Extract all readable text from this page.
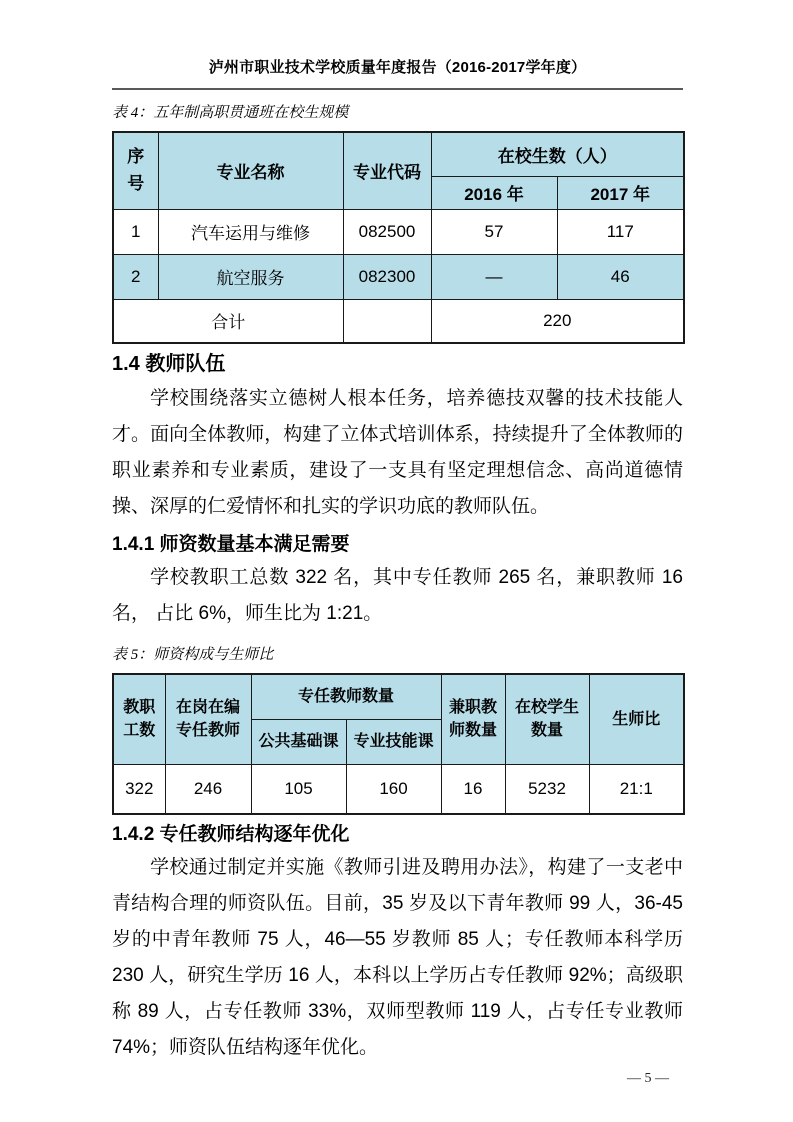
泸州市职业技术学校质量年度报告（2016-2017学年度）
表 4：五年制高职贯通班在校生规模
序号	专业名称	专业代码	在校生数（人）	
			2016 年	2017 年
1	汽车运用与维修	082500	57	117
2	航空服务	082300	—	46
合计			220	
1.4 教师队伍

学校围绕落实立德树人根本任务，培养德技双馨的技术技能人才。面向全体教师，构建了立体式培训体系，持续提升了全体教师的职业素养和专业素质，建设了一支具有坚定理想信念、高尚道德情操、深厚的仁爱情怀和扎实的学识功底的教师队伍。

1.4.1 师资数量基本满足需要

学校教职工总数 322 名，其中专任教师 265 名，兼职教师 16 名， 占比 6%，师生比为 1:21。

表 5：师资构成与生师比
教职工数	在岗在编专任教师	专任教师数量		兼职教师数量	在校学生数量	生师比
		公共基础课	专业技能课			
322	246	105	160	16	5232	21:1
1.4.2 专任教师结构逐年优化

学校通过制定并实施《教师引进及聘用办法》，构建了一支老中青结构合理的师资队伍。目前，35 岁及以下青年教师 99 人，36-45 岁的中青年教师 75 人，46—55 岁教师 85 人；专任教师本科学历 230 人，研究生学历 16 人，本科以上学历占专任教师 92%；高级职称 89 人，占专任教师 33%，双师型教师 119 人，占专任专业教师 74%；师资队伍结构逐年优化。

— 5 —
